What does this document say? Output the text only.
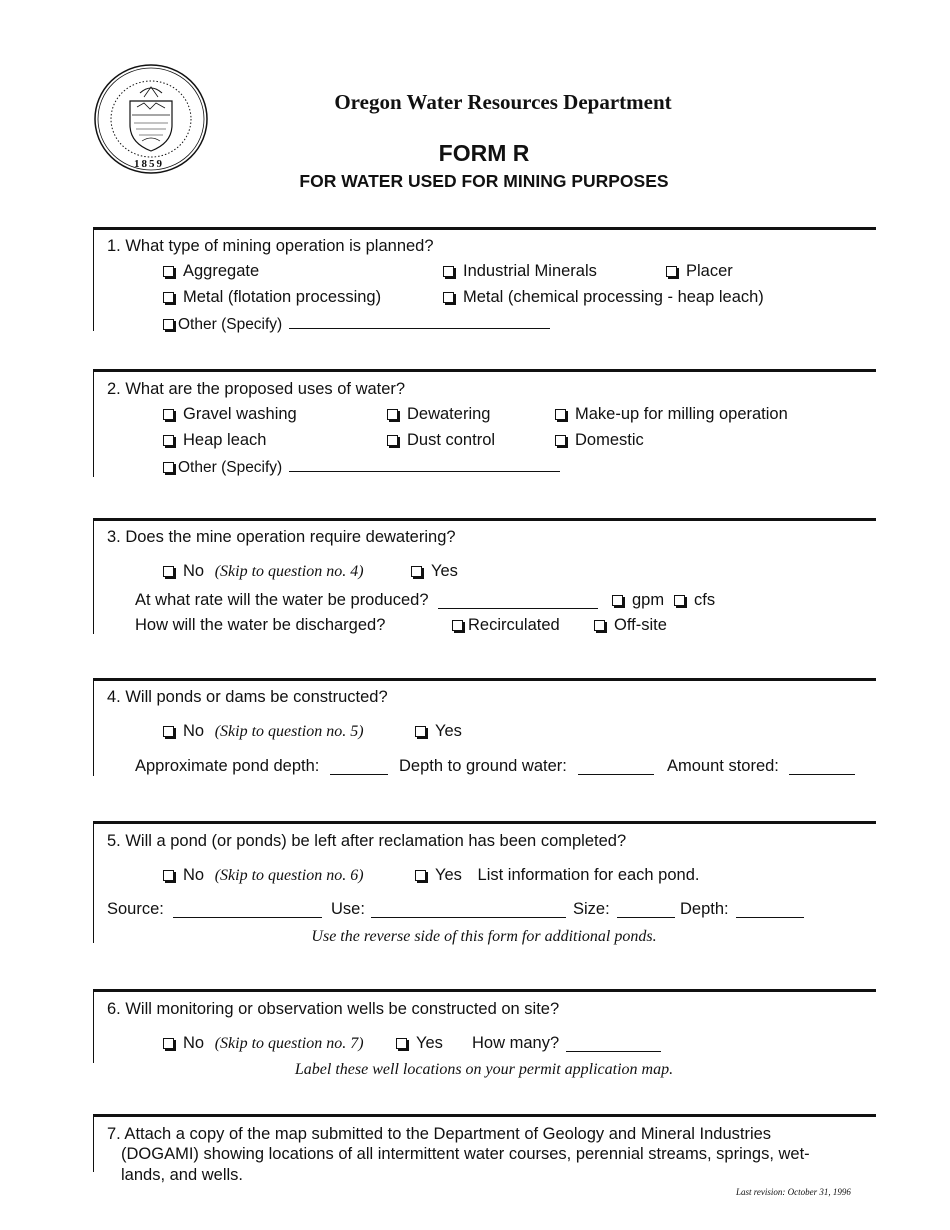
1859
Oregon Water Resources Department
FORM R
FOR WATER USED FOR MINING PURPOSES
1. What type of mining operation is planned?
Aggregate	Industrial Minerals	Placer
Metal (flotation processing)	Metal (chemical processing - heap leach)
Other (Specify)
2. What are the proposed uses of water?
Gravel washing	Dewatering	Make-up for milling operation
Heap leach	Dust control	Domestic
Other (Specify)
3. Does the mine operation require dewatering?
No (Skip to question no. 4)	Yes
At what rate will the water be produced?	gpm	cfs
How will the water be discharged?	Recirculated	Off-site
4. Will ponds or dams be constructed?
No (Skip to question no. 5)	Yes
Approximate pond depth:	Depth to ground water:	Amount stored:
5. Will a pond (or ponds) be left after reclamation has been completed?
No (Skip to question no. 6)	Yes List information for each pond.
Source:	Use:	Size:	Depth:
Use the reverse side of this form for additional ponds.
6. Will monitoring or observation wells be constructed on site?
No (Skip to question no. 7)	Yes How many?
Label these well locations on your permit application map.
7. Attach a copy of the map submitted to the Department of Geology and Mineral Industries
(DOGAMI) showing locations of all intermittent water courses, perennial streams, springs, wet-
lands, and wells.
Last revision: October 31, 1996
